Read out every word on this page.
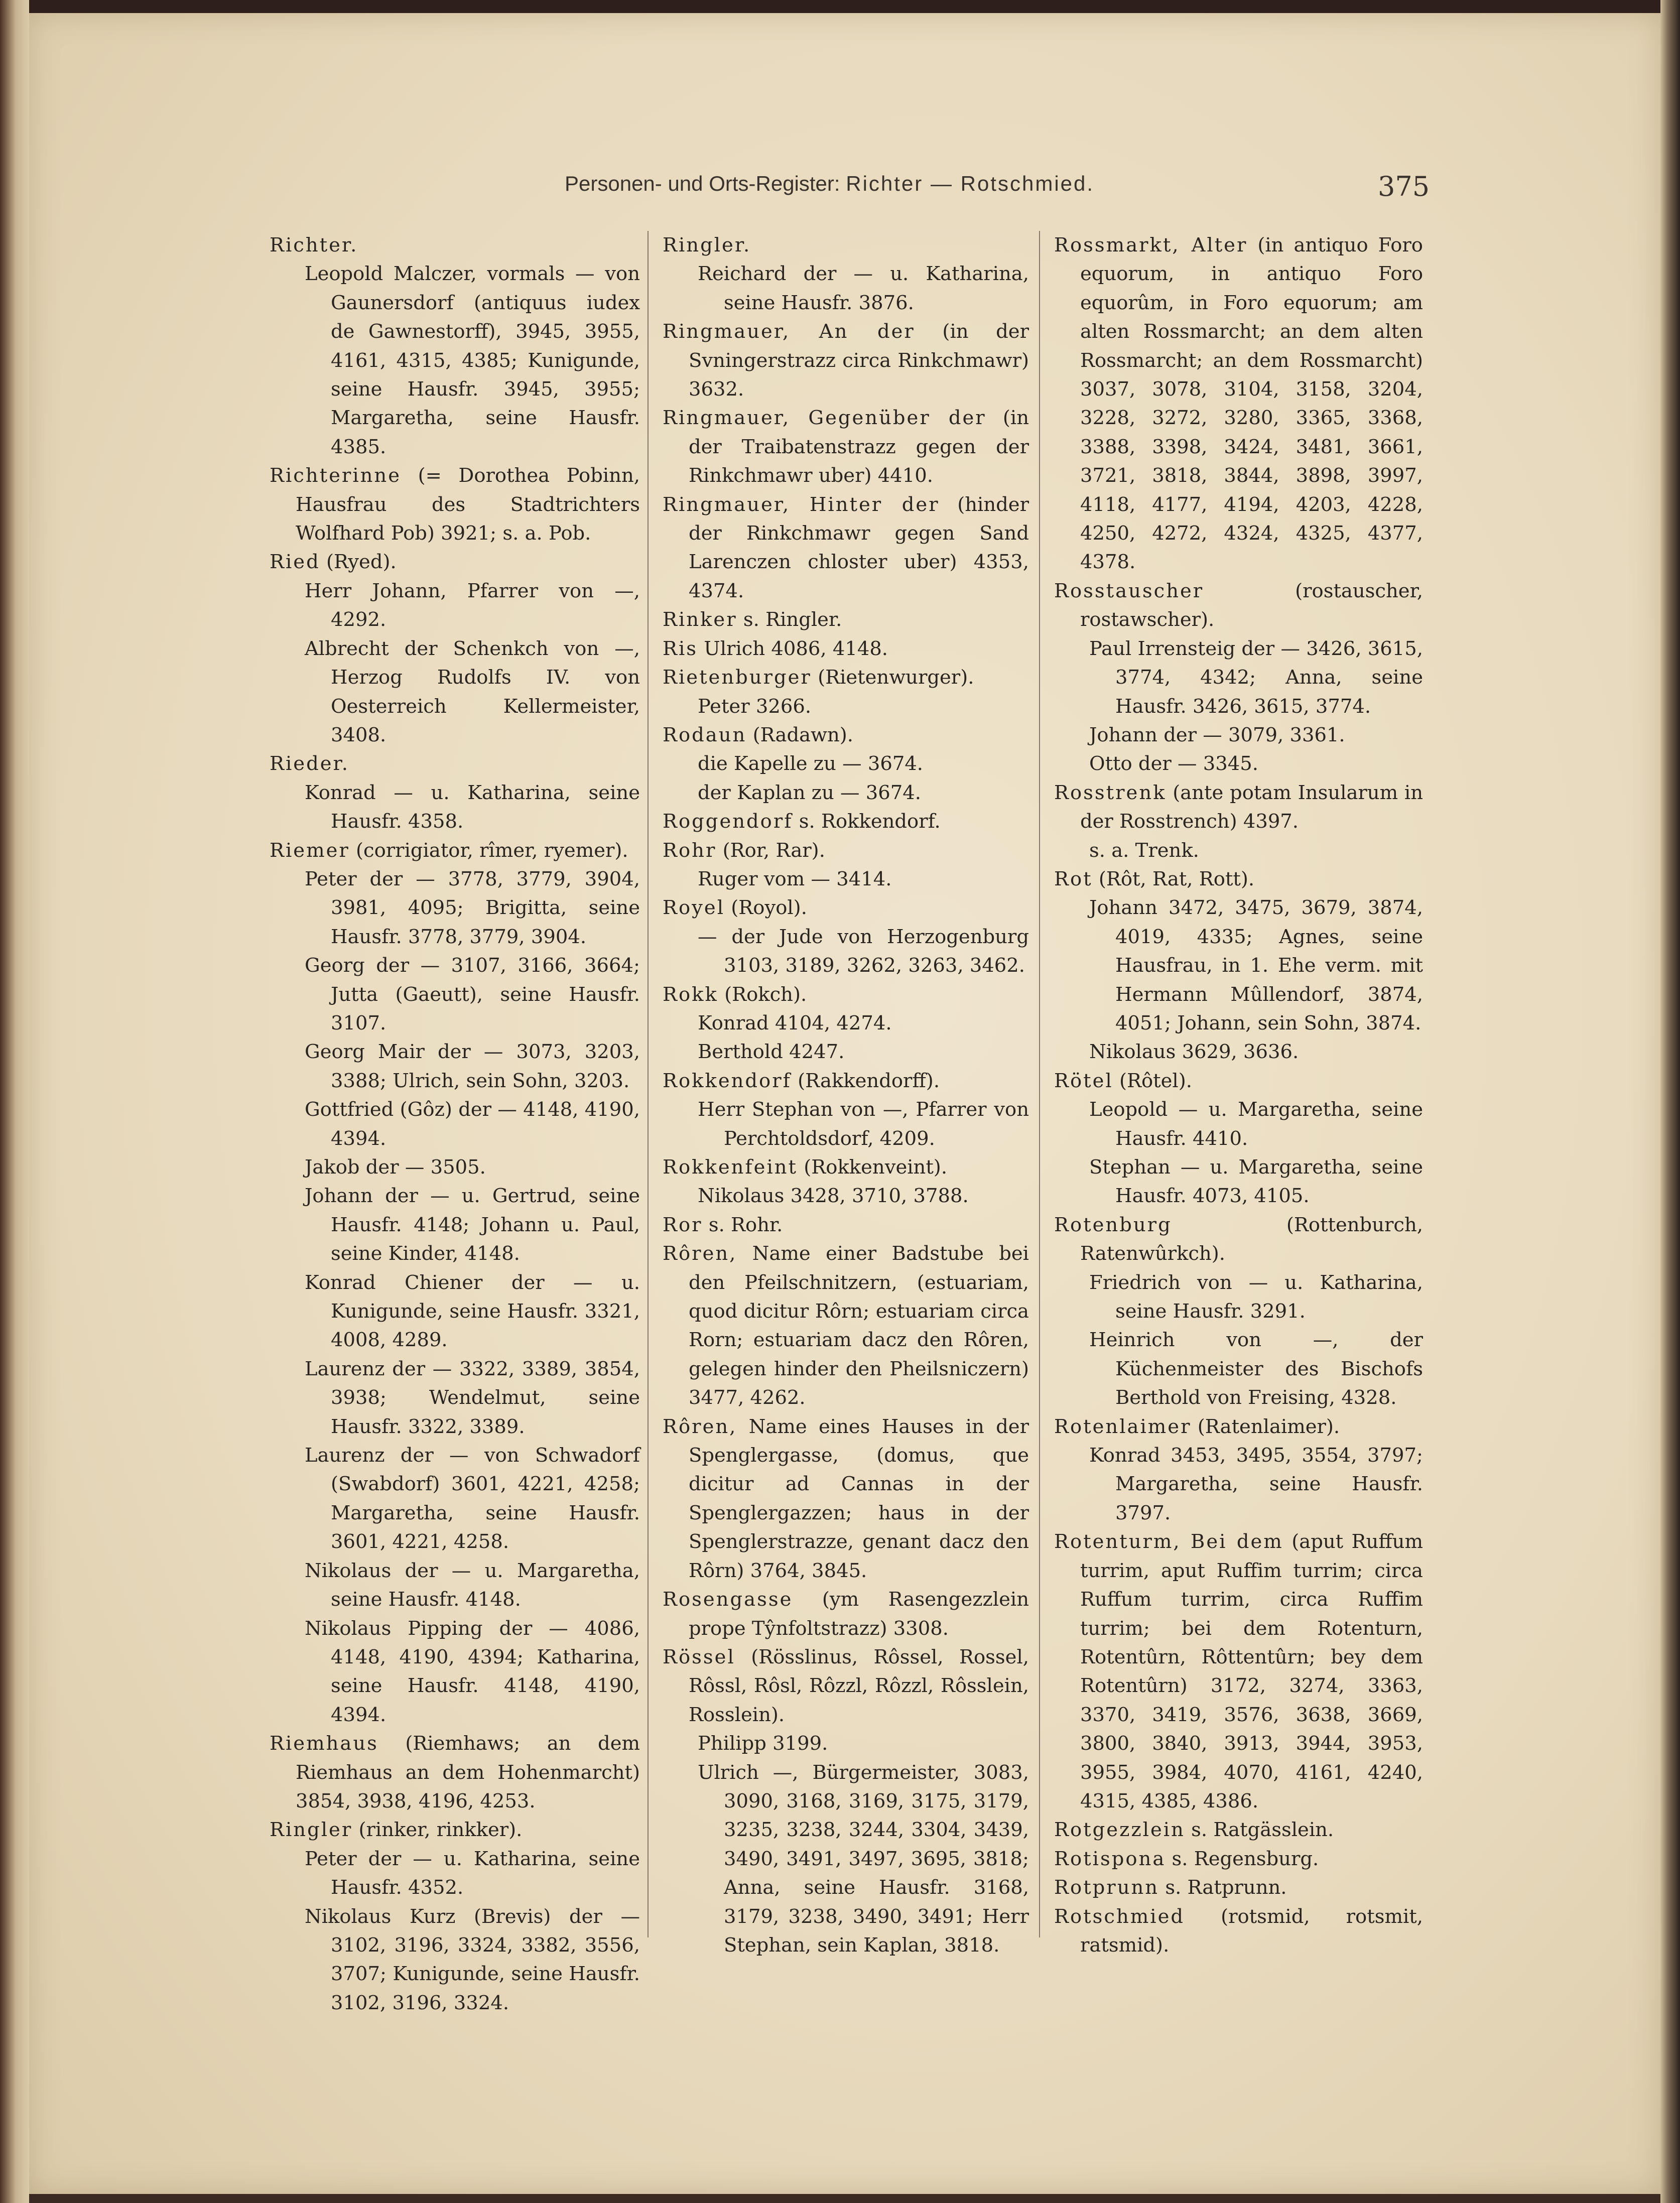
Personen- und Orts-Register: Richter — Rotschmied.	375

Richter.

Leopold Malczer, vormals — von Gaunersdorf (antiquus iudex de Gawnestorff), 3945, 3955, 4161, 4315, 4385; Kunigunde, seine Hausfr. 3945, 3955; Margaretha, seine Hausfr. 4385.

Richterinne (= Dorothea Pobinn, Hausfrau des Stadtrichters Wolfhard Pob) 3921; s. a. Pob.

Ried (Ryed).

Herr Johann, Pfarrer von —, 4292.

Albrecht der Schenkch von —, Herzog Rudolfs IV. von Oesterreich Kellermeister, 3408.

Rieder.

Konrad — u. Katharina, seine Hausfr. 4358.

Riemer (corrigiator, rîmer, ryemer).

Peter der — 3778, 3779, 3904, 3981, 4095; Brigitta, seine Hausfr. 3778, 3779, 3904.

Georg der — 3107, 3166, 3664; Jutta (Gaeutt), seine Hausfr. 3107.

Georg Mair der — 3073, 3203, 3388; Ulrich, sein Sohn, 3203.

Gottfried (Gôz) der — 4148, 4190, 4394.

Jakob der — 3505.

Johann der — u. Gertrud, seine Hausfr. 4148; Johann u. Paul, seine Kinder, 4148.

Konrad Chiener der — u. Kunigunde, seine Hausfr. 3321, 4008, 4289.

Laurenz der — 3322, 3389, 3854, 3938; Wendelmut, seine Hausfr. 3322, 3389.

Laurenz der — von Schwadorf (Swabdorf) 3601, 4221, 4258; Margaretha, seine Hausfr. 3601, 4221, 4258.

Nikolaus der — u. Margaretha, seine Hausfr. 4148.

Nikolaus Pipping der — 4086, 4148, 4190, 4394; Katharina, seine Hausfr. 4148, 4190, 4394.

Riemhaus (Riemhaws; an dem Riemhaus an dem Hohenmarcht) 3854, 3938, 4196, 4253.

Ringler (rinker, rinkker).

Peter der — u. Katharina, seine Hausfr. 4352.

Nikolaus Kurz (Brevis) der — 3102, 3196, 3324, 3382, 3556, 3707; Kunigunde, seine Hausfr. 3102, 3196, 3324.

Ringler.

Reichard der — u. Katharina, seine Hausfr. 3876.

Ringmauer, An der (in der Svningerstrazz circa Rinkchmawr) 3632.

Ringmauer, Gegenüber der (in der Traibatenstrazz gegen der Rinkchmawr uber) 4410.

Ringmauer, Hinter der (hinder der Rinkchmawr gegen Sand Larenczen chloster uber) 4353, 4374.

Rinker s. Ringler.

Ris Ulrich 4086, 4148.

Rietenburger (Rietenwurger).

Peter 3266.

Rodaun (Radawn).

die Kapelle zu — 3674.

der Kaplan zu — 3674.

Roggendorf s. Rokkendorf.

Rohr (Ror, Rar).

Ruger vom — 3414.

Royel (Royol).

— der Jude von Herzogenburg 3103, 3189, 3262, 3263, 3462.

Rokk (Rokch).

Konrad 4104, 4274.

Berthold 4247.

Rokkendorf (Rakkendorff).

Herr Stephan von —, Pfarrer von Perchtoldsdorf, 4209.

Rokkenfeint (Rokkenveint).

Nikolaus 3428, 3710, 3788.

Ror s. Rohr.

Rôren, Name einer Badstube bei den Pfeilschnitzern, (estuariam, quod dicitur Rôrn; estuariam circa Rorn; estuariam dacz den Rôren, gelegen hinder den Pheilsniczern) 3477, 4262.

Rôren, Name eines Hauses in der Spenglergasse, (domus, que dicitur ad Cannas in der Spenglergazzen; haus in der Spenglerstrazze, genant dacz den Rôrn) 3764, 3845.

Rosengasse (ym Rasengezzlein prope Tŷnfoltstrazz) 3308.

Rössel (Rösslinus, Rôssel, Rossel, Rôssl, Rôsl, Rôzzl, Rôzzl, Rôsslein, Rosslein).

Philipp 3199.

Ulrich —, Bürgermeister, 3083, 3090, 3168, 3169, 3175, 3179, 3235, 3238, 3244, 3304, 3439, 3490, 3491, 3497, 3695, 3818; Anna, seine Hausfr. 3168, 3179, 3238, 3490, 3491; Herr Stephan, sein Kaplan, 3818.

Rossmarkt, Alter (in antiquo Foro equorum, in antiquo Foro equorûm, in Foro equorum; am alten Rossmarcht; an dem alten Rossmarcht; an dem Rossmarcht) 3037, 3078, 3104, 3158, 3204, 3228, 3272, 3280, 3365, 3368, 3388, 3398, 3424, 3481, 3661, 3721, 3818, 3844, 3898, 3997, 4118, 4177, 4194, 4203, 4228, 4250, 4272, 4324, 4325, 4377, 4378.

Rosstauscher (rostauscher, rostawscher).

Paul Irrensteig der — 3426, 3615, 3774, 4342; Anna, seine Hausfr. 3426, 3615, 3774.

Johann der — 3079, 3361.

Otto der — 3345.

Rosstrenk (ante potam Insularum in der Rosstrench) 4397.

s. a. Trenk.

Rot (Rôt, Rat, Rott).

Johann 3472, 3475, 3679, 3874, 4019, 4335; Agnes, seine Hausfrau, in 1. Ehe verm. mit Hermann Mûllendorf, 3874, 4051; Johann, sein Sohn, 3874.

Nikolaus 3629, 3636.

Rötel (Rôtel).

Leopold — u. Margaretha, seine Hausfr. 4410.

Stephan — u. Margaretha, seine Hausfr. 4073, 4105.

Rotenburg (Rottenburch, Ratenwûrkch).

Friedrich von — u. Katharina, seine Hausfr. 3291.

Heinrich von —, der Küchenmeister des Bischofs Berthold von Freising, 4328.

Rotenlaimer (Ratenlaimer).

Konrad 3453, 3495, 3554, 3797; Margaretha, seine Hausfr. 3797.

Rotenturm, Bei dem (aput Ruffum turrim, aput Ruffim turrim; circa Ruffum turrim, circa Ruffim turrim; bei dem Rotenturn, Rotentûrn, Rôttentûrn; bey dem Rotentûrn) 3172, 3274, 3363, 3370, 3419, 3576, 3638, 3669, 3800, 3840, 3913, 3944, 3953, 3955, 3984, 4070, 4161, 4240, 4315, 4385, 4386.

Rotgezzlein s. Ratgässlein.

Rotispona s. Regensburg.

Rotprunn s. Ratprunn.

Rotschmied (rotsmid, rotsmit, ratsmid).
